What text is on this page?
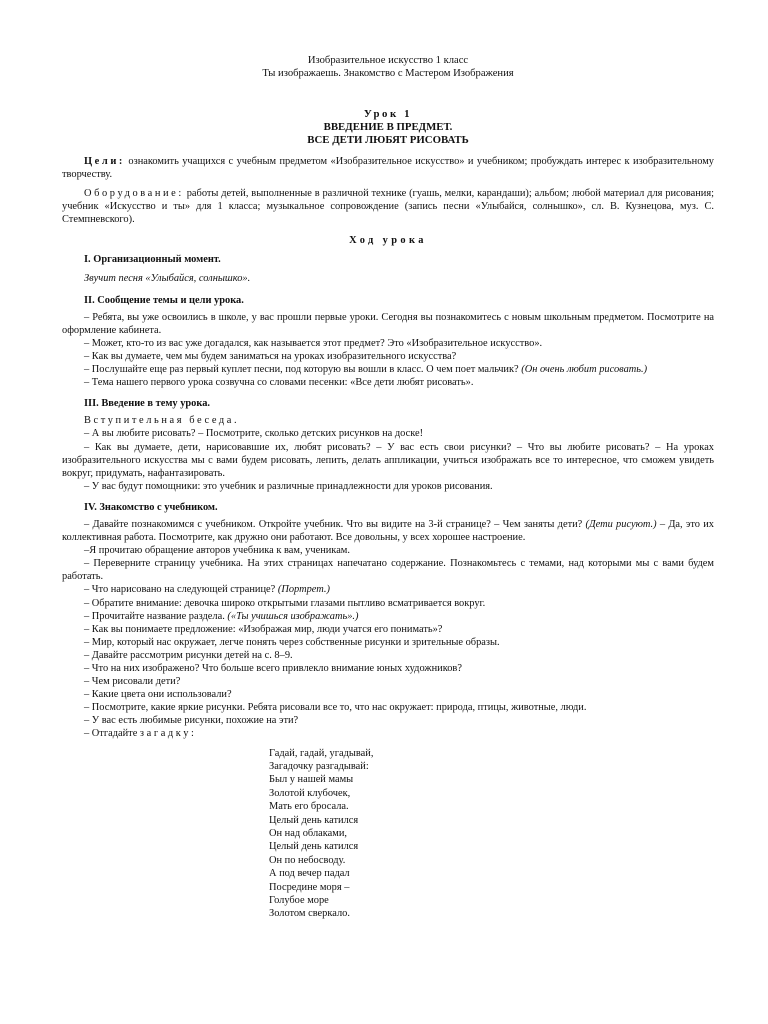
Изобразительное искусство 1 класс
Ты изображаешь. Знакомство с Мастером Изображения
Урок 1
ВВЕДЕНИЕ В ПРЕДМЕТ.
ВСЕ ДЕТИ ЛЮБЯТ РИСОВАТЬ

Цели: ознакомить учащихся с учебным предметом «Изобразительное искусство» и учебником; пробуждать интерес к изобразительному творчеству.

Оборудование: работы детей, выполненные в различной технике (гуашь, мелки, карандаши); альбом; любой материал для рисования; учебник «Искусство и ты» для 1 класса; музыкальное сопровождение (запись песни «Улыбайся, солнышко», сл. В. Кузнецова, муз. С. Стемпневского).

Ход урока

I. Организационный момент.

Звучит песня «Улыбайся, солнышко».

II. Сообщение темы и цели урока.

– Ребята, вы уже освоились в школе, у вас прошли первые уроки. Сегодня вы познакомитесь с новым школьным предметом. Посмотрите на оформление кабинета.

– Может, кто-то из вас уже догадался, как называется этот предмет? Это «Изобразительное искусство».

– Как вы думаете, чем мы будем заниматься на уроках изобразительного искусства?

– Послушайте еще раз первый куплет песни, под которую вы вошли в класс. О чем поет мальчик? (Он очень любит рисовать.)

– Тема нашего первого урока созвучна со словами песенки: «Все дети любят рисовать».

III. Введение в тему урока.

Вступительная беседа.

– А вы любите рисовать? – Посмотрите, сколько детских рисунков на доске!

– Как вы думаете, дети, нарисовавшие их, любят рисовать? – У вас есть свои рисунки? – Что вы любите рисовать? – На уроках изобразительного искусства мы с вами будем рисовать, лепить, делать аппликации, учиться изображать все то интересное, что сможем увидеть вокруг, придумать, нафантазировать.

– У вас будут помощники: это учебник и различные принадлежности для уроков рисования.

IV. Знакомство с учебником.

– Давайте познакомимся с учебником. Откройте учебник. Что вы видите на 3-й странице? – Чем заняты дети? (Дети рисуют.) – Да, это их коллективная работа. Посмотрите, как дружно они работают. Все довольны, у всех хорошее настроение.

–Я прочитаю обращение авторов учебника к вам, ученикам.

– Переверните страницу учебника. На этих страницах напечатано содержание. Познакомьтесь с темами, над которыми мы с вами будем работать.

– Что нарисовано на следующей странице? (Портрет.)

– Обратите внимание: девочка широко открытыми глазами пытливо всматривается вокруг.

– Прочитайте название раздела. («Ты учишься изображать».)

– Как вы понимаете предложение: «Изображая мир, люди учатся его понимать»?

– Мир, который нас окружает, легче понять через собственные рисунки и зрительные образы.

– Давайте рассмотрим рисунки детей на с. 8–9.

– Что на них изображено? Что больше всего привлекло внимание юных художников?

– Чем рисовали дети?

– Какие цвета они использовали?

– Посмотрите, какие яркие рисунки. Ребята рисовали все то, что нас окружает: природа, птицы, животные, люди.

– У вас есть любимые рисунки, похожие на эти?

– Отгадайте загадку:

Гадай, гадай, угадывай,
Загадочку разгадывай:
Был у нашей мамы
Золотой клубочек,
Мать его бросала.
Целый день катился
Он над облаками,
Целый день катился
Он по небосводу.
А под вечер падал
Посредине моря –
Голубое море
Золотом сверкало.
